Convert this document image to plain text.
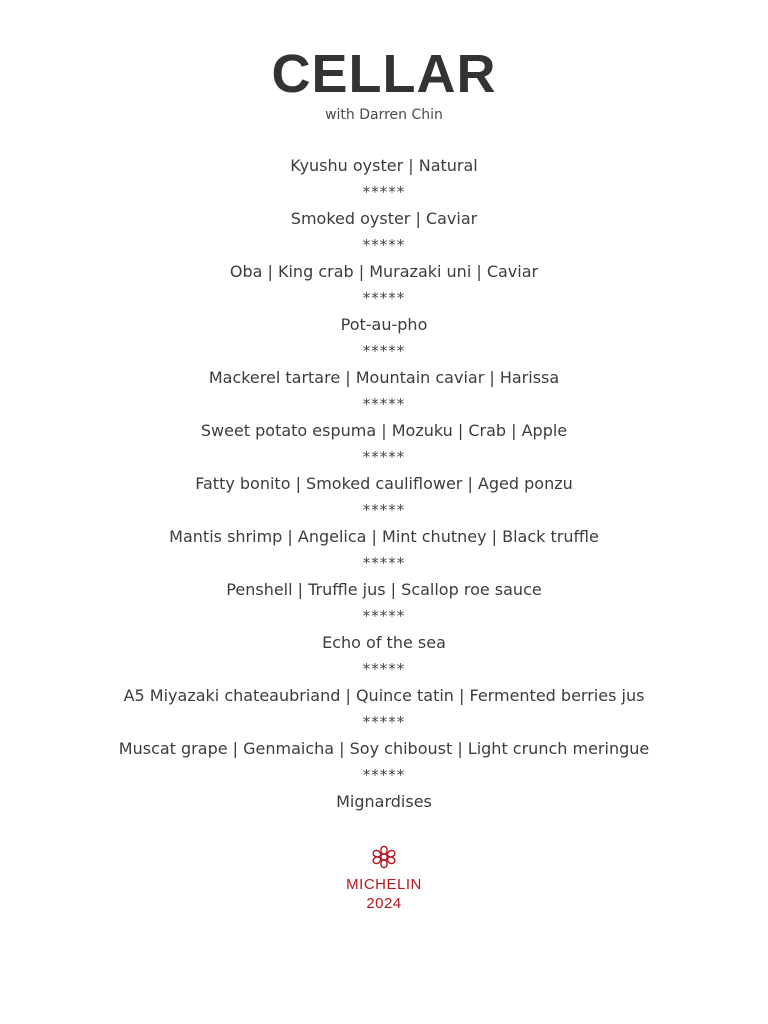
CELLAR
with Darren Chin
Kyushu oyster | Natural
*****
Smoked oyster | Caviar
*****
Oba | King crab | Murazaki uni | Caviar
*****
Pot-au-pho
*****
Mackerel tartare | Mountain caviar | Harissa
*****
Sweet potato espuma | Mozuku | Crab | Apple
*****
Fatty bonito | Smoked cauliflower | Aged ponzu
*****
Mantis shrimp | Angelica | Mint chutney | Black truffle
*****
Penshell | Truffle jus | Scallop roe sauce
*****
Echo of the sea
*****
A5 Miyazaki chateaubriand | Quince tatin | Fermented berries jus
*****
Muscat grape | Genmaicha | Soy chiboust | Light crunch meringue
*****
Mignardises
MICHELIN
2024
